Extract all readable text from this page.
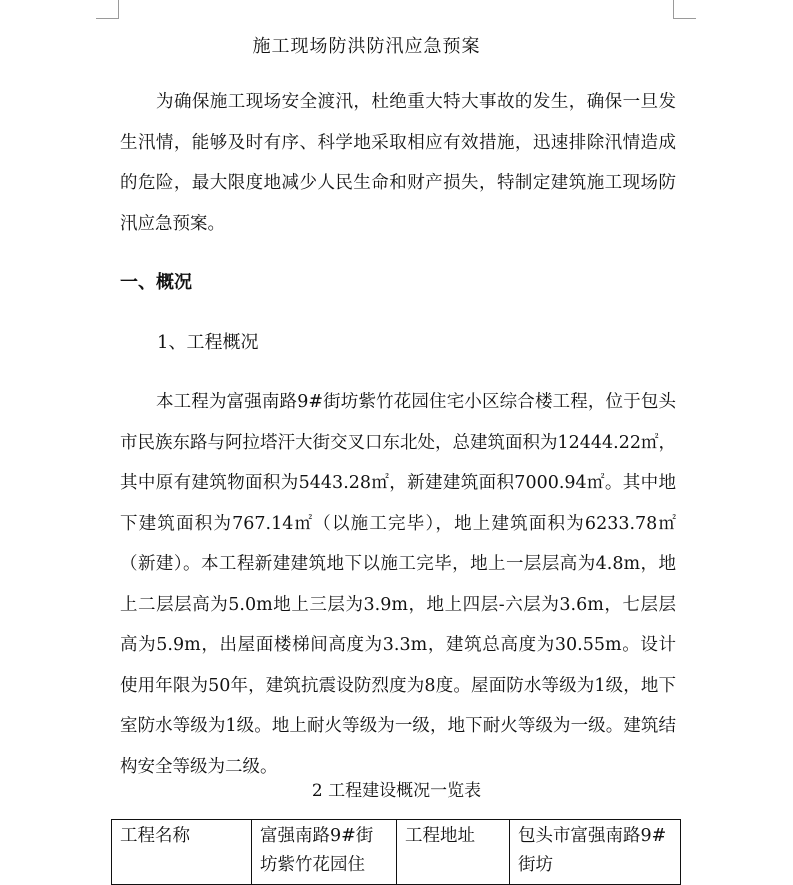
施工现场防洪防汛应急预案

为确保施工现场安全渡汛，杜绝重大特大事故的发生，确保一旦发生汛情，能够及时有序、科学地采取相应有效措施，迅速排除汛情造成的危险，最大限度地减少人民生命和财产损失，特制定建筑施工现场防汛应急预案。

一、概况
1、工程概况

本工程为富强南路9#街坊紫竹花园住宅小区综合楼工程，位于包头市民族东路与阿拉塔汗大街交叉口东北处，总建筑面积为12444.22㎡，其中原有建筑物面积为5443.28㎡，新建建筑面积7000.94㎡。其中地下建筑面积为767.14㎡（以施工完毕），地上建筑面积为6233.78㎡（新建）。本工程新建建筑地下以施工完毕，地上一层层高为4.8m，地上二层层高为5.0m地上三层为3.9m，地上四层-六层为3.6m，七层层高为5.9m，出屋面楼梯间高度为3.3m，建筑总高度为30.55m。设计使用年限为50年，建筑抗震设防烈度为8度。屋面防水等级为1级，地下室防水等级为1级。地上耐火等级为一级，地下耐火等级为一级。建筑结构安全等级为二级。

2 工程建设概况一览表
工程名称	富强南路9#街坊紫竹花园住	工程地址	包头市富强南路9#街坊
